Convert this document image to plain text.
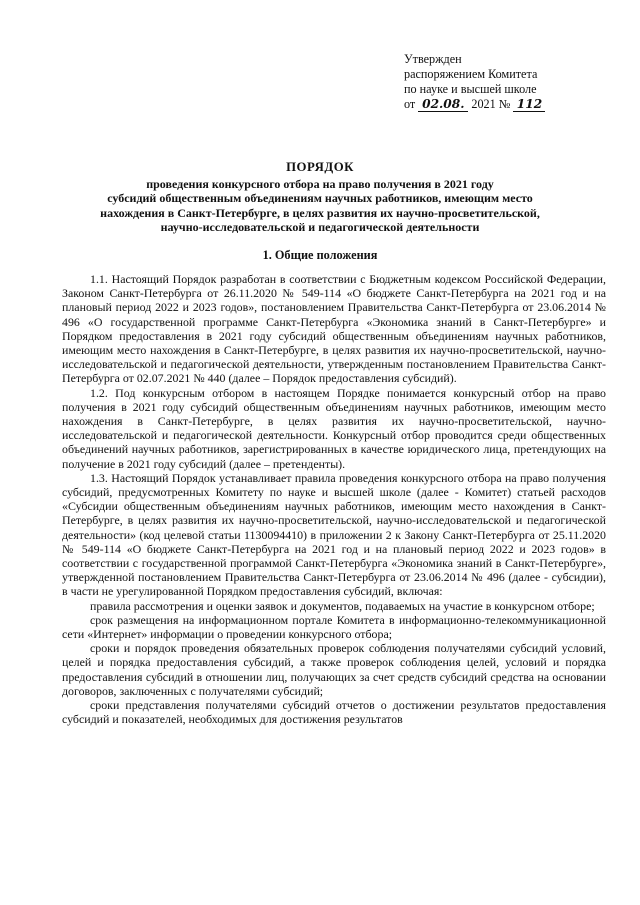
Утвержден
распоряжением Комитета
по науке и высшей школе
от 02.08. 2021 № 112
ПОРЯДОК
проведения конкурсного отбора на право получения в 2021 году
субсидий общественным объединениям научных работников, имеющим место
нахождения в Санкт-Петербурге, в целях развития их научно-просветительской,
научно-исследовательской и педагогической деятельности
1. Общие положения

1.1. Настоящий Порядок разработан в соответствии с Бюджетным кодексом Российской Федерации, Законом Санкт-Петербурга от 26.11.2020 № 549-114 «О бюджете Санкт-Петербурга на 2021 год и на плановый период 2022 и 2023 годов», постановлением Правительства Санкт-Петербурга от 23.06.2014 № 496 «О государственной программе Санкт-Петербурга «Экономика знаний в Санкт-Петербурге» и Порядком предоставления в 2021 году субсидий общественным объединениям научных работников, имеющим место нахождения в Санкт-Петербурге, в целях развития их научно-просветительской, научно-исследовательской и педагогической деятельности, утвержденным постановлением Правительства Санкт-Петербурга от 02.07.2021 № 440 (далее – Порядок предоставления субсидий).

1.2. Под конкурсным отбором в настоящем Порядке понимается конкурсный отбор на право получения в 2021 году субсидий общественным объединениям научных работников, имеющим место нахождения в Санкт-Петербурге, в целях развития их научно-просветительской, научно-исследовательской и педагогической деятельности. Конкурсный отбор проводится среди общественных объединений научных работников, зарегистрированных в качестве юридического лица, претендующих на получение в 2021 году субсидий (далее – претенденты).

1.3. Настоящий Порядок устанавливает правила проведения конкурсного отбора на право получения субсидий, предусмотренных Комитету по науке и высшей школе (далее - Комитет) статьей расходов «Субсидии общественным объединениям научных работников, имеющим место нахождения в Санкт-Петербурге, в целях развития их научно-просветительской, научно-исследовательской и педагогической деятельности» (код целевой статьи 1130094410) в приложении 2 к Закону Санкт-Петербурга от 25.11.2020 № 549-114 «О бюджете Санкт-Петербурга на 2021 год и на плановый период 2022 и 2023 годов» в соответствии с государственной программой Санкт-Петербурга «Экономика знаний в Санкт-Петербурге», утвержденной постановлением Правительства Санкт-Петербурга от 23.06.2014 № 496 (далее - субсидии), в части не урегулированной Порядком предоставления субсидий, включая:

правила рассмотрения и оценки заявок и документов, подаваемых на участие в конкурсном отборе;

срок размещения на информационном портале Комитета в информационно-телекоммуникационной сети «Интернет» информации о проведении конкурсного отбора;

сроки и порядок проведения обязательных проверок соблюдения получателями субсидий условий, целей и порядка предоставления субсидий, а также проверок соблюдения целей, условий и порядка предоставления субсидий в отношении лиц, получающих за счет средств субсидий средства на основании договоров, заключенных с получателями субсидий;

сроки представления получателями субсидий отчетов о достижении результатов предоставления субсидий и показателей, необходимых для достижения результатов
